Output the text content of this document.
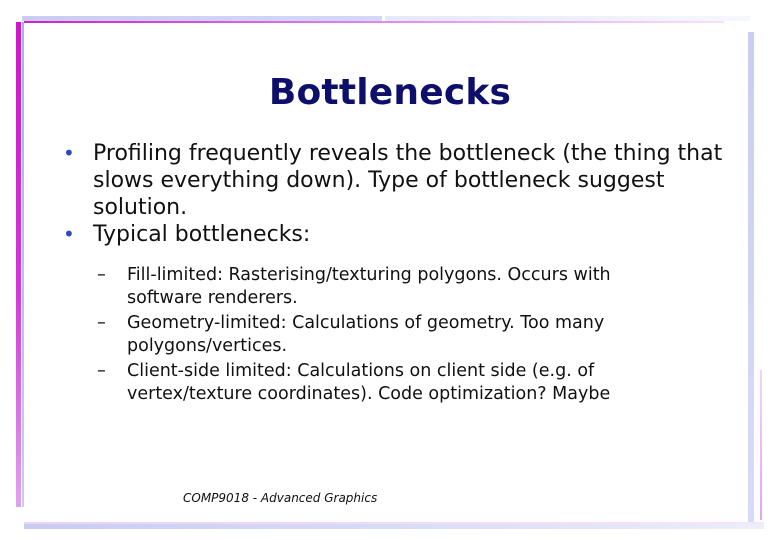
Bottlenecks

• Profiling frequently reveals the bottleneck (the thing that slows everything down). Type of bottleneck suggest solution.

• Typical bottlenecks:

– Fill-limited: Rasterising/texturing polygons. Occurs with software renderers.

– Geometry-limited: Calculations of geometry. Too many polygons/vertices.

– Client-side limited: Calculations on client side (e.g. of vertex/texture coordinates). Code optimization? Maybe

COMP9018 - Advanced Graphics
